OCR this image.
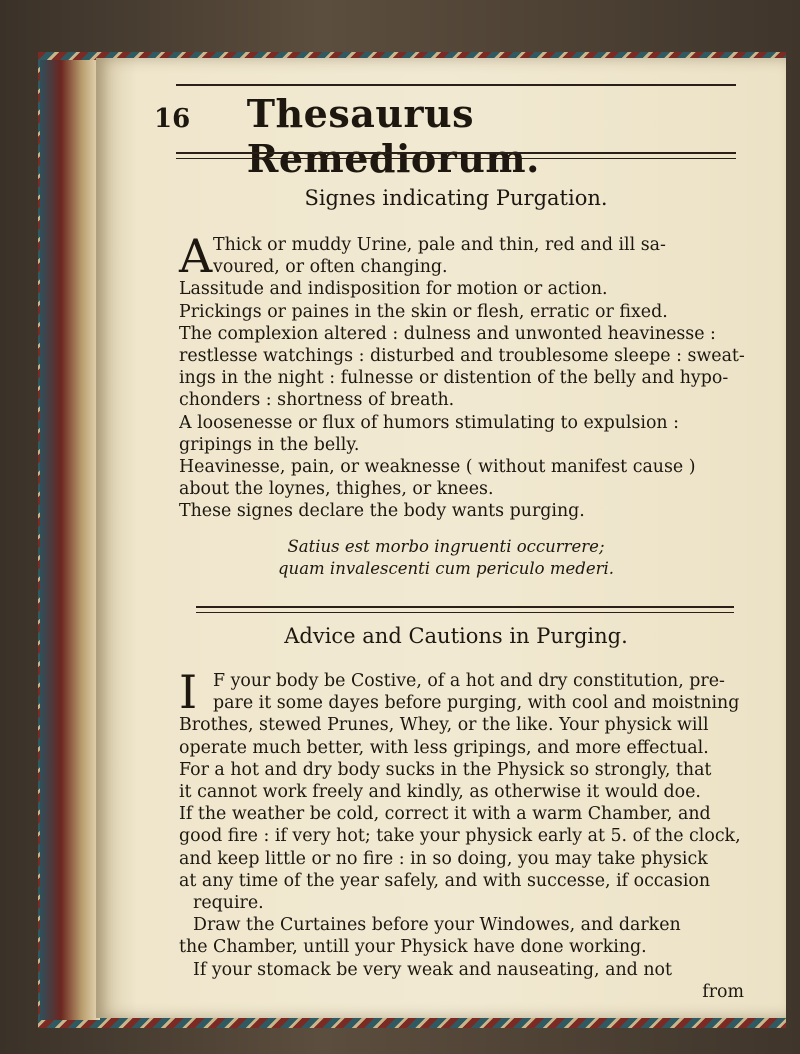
16	Thesaurus Remediorum.
Signes indicating Purgation.
A Thick or muddy Urine, pale and thin, red and ill sa-
voured, or often changing.
Lassitude and indisposition for motion or action.
Prickings or paines in the skin or flesh, erratic or fixed.
The complexion altered : dulness and unwonted heavinesse :
restlesse watchings : disturbed and troublesome sleepe : sweat-
ings in the night : fulnesse or distention of the belly and hypo-
chonders : shortness of breath.
A loosenesse or flux of humors stimulating to expulsion :
gripings in the belly.
Heavinesse, pain, or weaknesse ( without manifest cause )
about the loynes, thighes, or knees.
These signes declare the body wants purging.
Satius est morbo ingruenti occurrere;
quam invalescenti cum periculo mederi.
Advice and Cautions in Purging.
I F your body be Costive, of a hot and dry constitution, pre-
pare it some dayes before purging, with cool and moistning
Brothes, stewed Prunes, Whey, or the like. Your physick will
operate much better, with less gripings, and more effectual.
For a hot and dry body sucks in the Physick so strongly, that
it cannot work freely and kindly, as otherwise it would doe.
If the weather be cold, correct it with a warm Chamber, and
good fire : if very hot; take your physick early at 5. of the clock,
and keep little or no fire : in so doing, you may take physick
at any time of the year safely, and with successe, if occasion
require.
Draw the Curtaines before your Windowes, and darken
the Chamber, untill your Physick have done working.
If your stomack be very weak and nauseating, and not
from
